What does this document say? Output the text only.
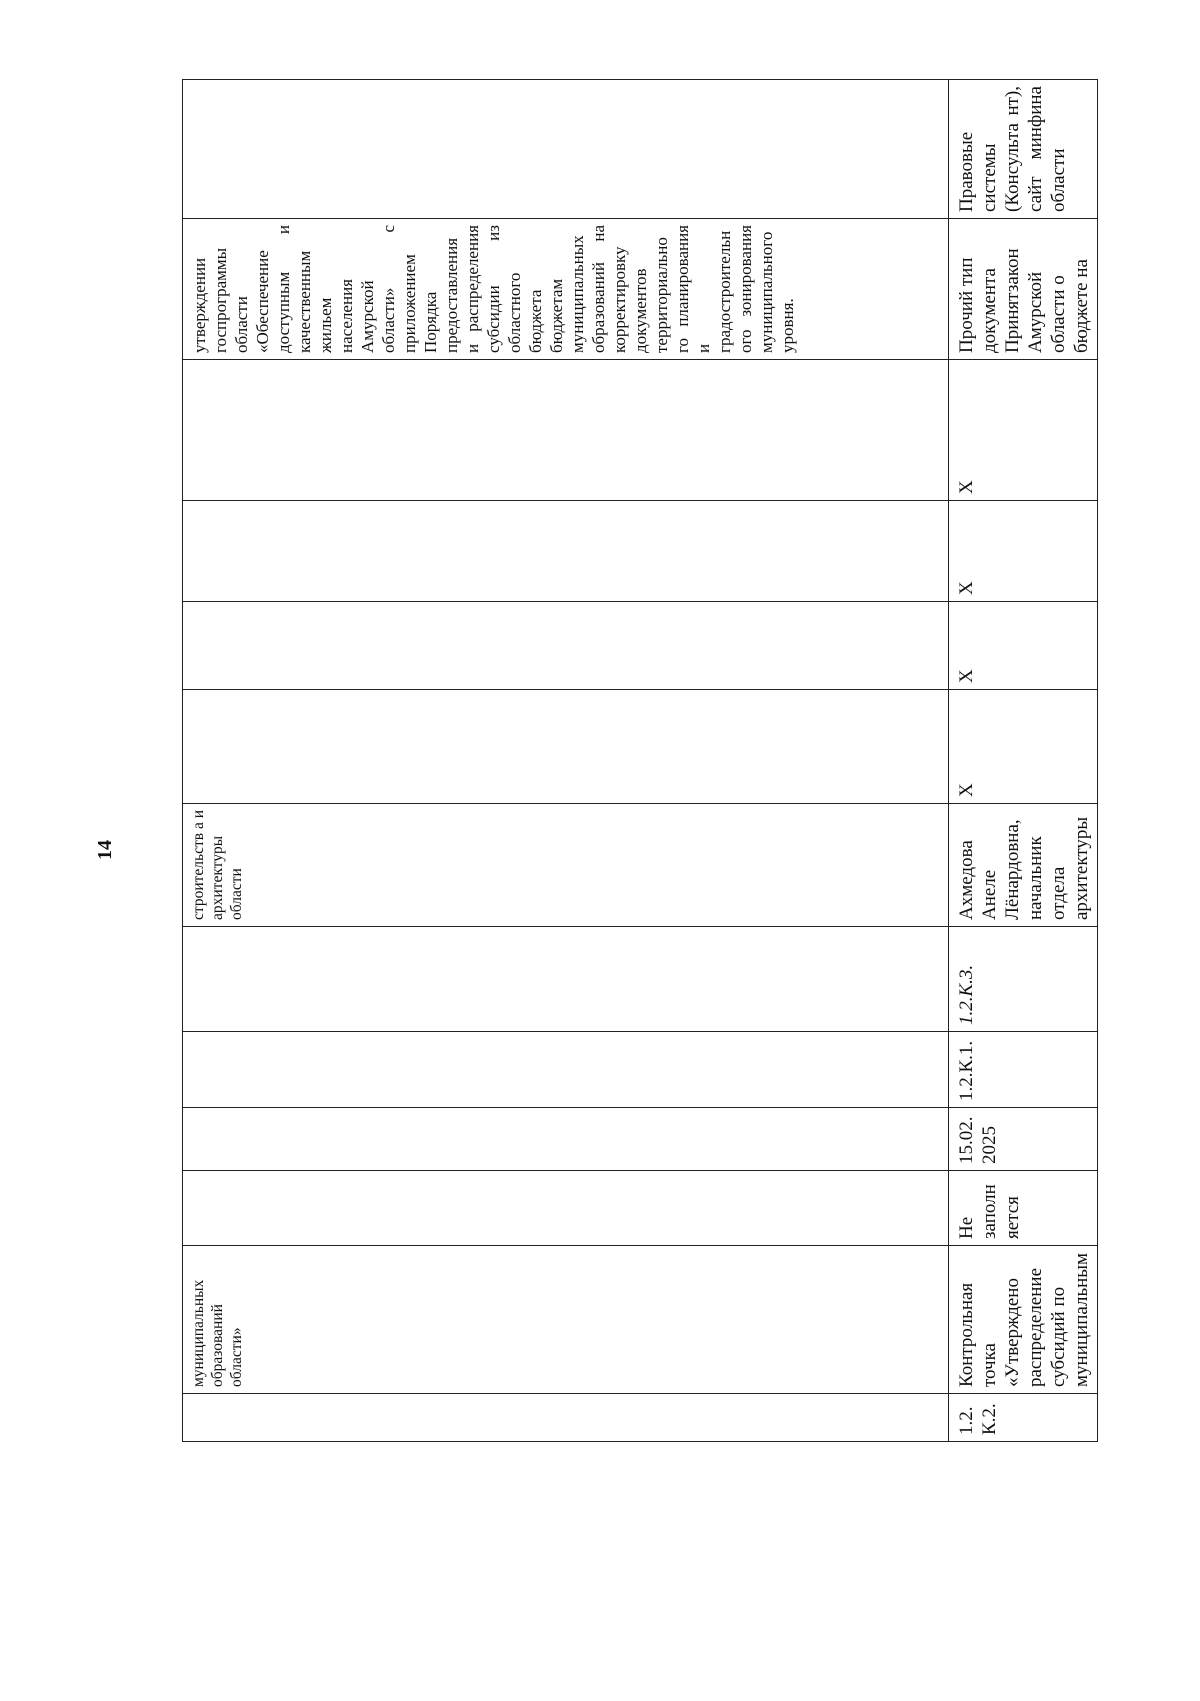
14
	муниципальных образований области»					строительств а и архитектуры области					утверждении госпрограммы области «Обеспечение доступным и качественным жильем населения Амурской области» с приложением Порядка предоставления и распределения субсидии из областного бюджета бюджетам муниципальных образований на корректировку документов территориально го планирования и градостроительн ого зонирования муниципального уровня.	
1.2. К.2.	Контрольная точка «Утверждено распределение субсидий по муниципальным	Не заполн яется	15.02. 2025	1.2.К.1.	1.2.К.3.	Ахмедова Анеле Лёнардовна, начальник отдела архитектуры	Х	Х	Х	Х	Прочий тип документа Принятзакон Амурской области о бюджете на	Правовые системы (Консульта нт), сайт минфина области
